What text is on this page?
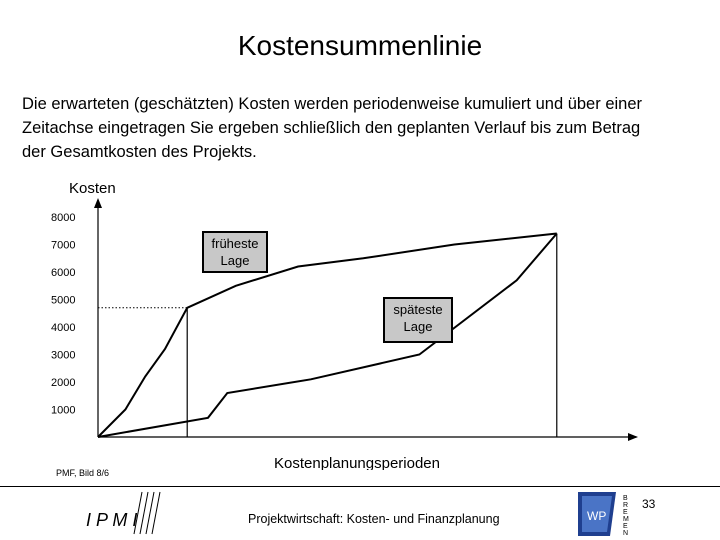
Kostensummenlinie
Die erwarteten (geschätzten) Kosten werden periodenweise kumuliert und über einer
Zeitachse eingetragen Sie ergeben schließlich den geplanten Verlauf bis zum Betrag
der Gesamtkosten des Projekts.
8000
7000
6000
5000
4000
3000
2000
1000
Kosten
Kostenplanungsperioden
früheste
Lage
späteste
Lage
PMF, Bild 8/6
I P M I	Projektwirtschaft: Kosten- und Finanzplanung	WP
B
R
E
M
E
N
33
